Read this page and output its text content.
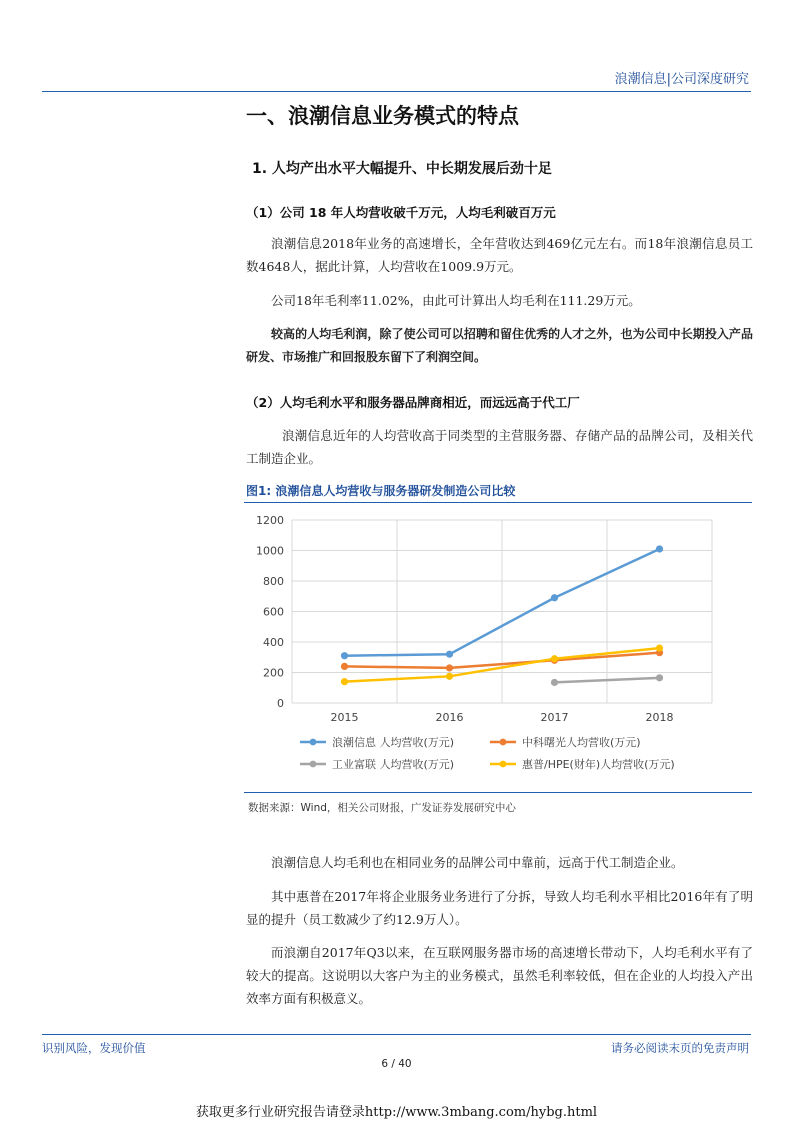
浪潮信息|公司深度研究
一、浪潮信息业务模式的特点
1. 人均产出水平大幅提升、中长期发展后劲十足
（1）公司 18 年人均营收破千万元，人均毛利破百万元

浪潮信息2018年业务的高速增长，全年营收达到469亿元左右。而18年浪潮信息员工数4648人，据此计算，人均营收在1009.9万元。

公司18年毛利率11.02%，由此可计算出人均毛利在111.29万元。

较高的人均毛利润，除了使公司可以招聘和留住优秀的人才之外，也为公司中长期投入产品研发、市场推广和回报股东留下了利润空间。

（2）人均毛利水平和服务器品牌商相近，而远远高于代工厂

浪潮信息近年的人均营收高于同类型的主营服务器、存储产品的品牌公司，及相关代工制造企业。

图1: 浪潮信息人均营收与服务器研发制造公司比较
0
200
400
600
800
1000
1200
2015	2016	2017	2018
浪潮信息 人均营收(万元)	中科曙光人均营收(万元)
工业富联 人均营收(万元)	惠普/HPE(财年)人均营收(万元)
数据来源：Wind，相关公司财报，广发证券发展研究中心

浪潮信息人均毛利也在相同业务的品牌公司中靠前，远高于代工制造企业。

其中惠普在2017年将企业服务业务进行了分拆，导致人均毛利水平相比2016年有了明显的提升（员工数减少了约12.9万人）。

而浪潮自2017年Q3以来，在互联网服务器市场的高速增长带动下，人均毛利水平有了较大的提高。这说明以大客户为主的业务模式，虽然毛利率较低，但在企业的人均投入产出效率方面有积极意义。

识别风险，发现价值	请务必阅读末页的免责声明
6 / 40
获取更多行业研究报告请登录http://www.3mbang.com/hybg.html
